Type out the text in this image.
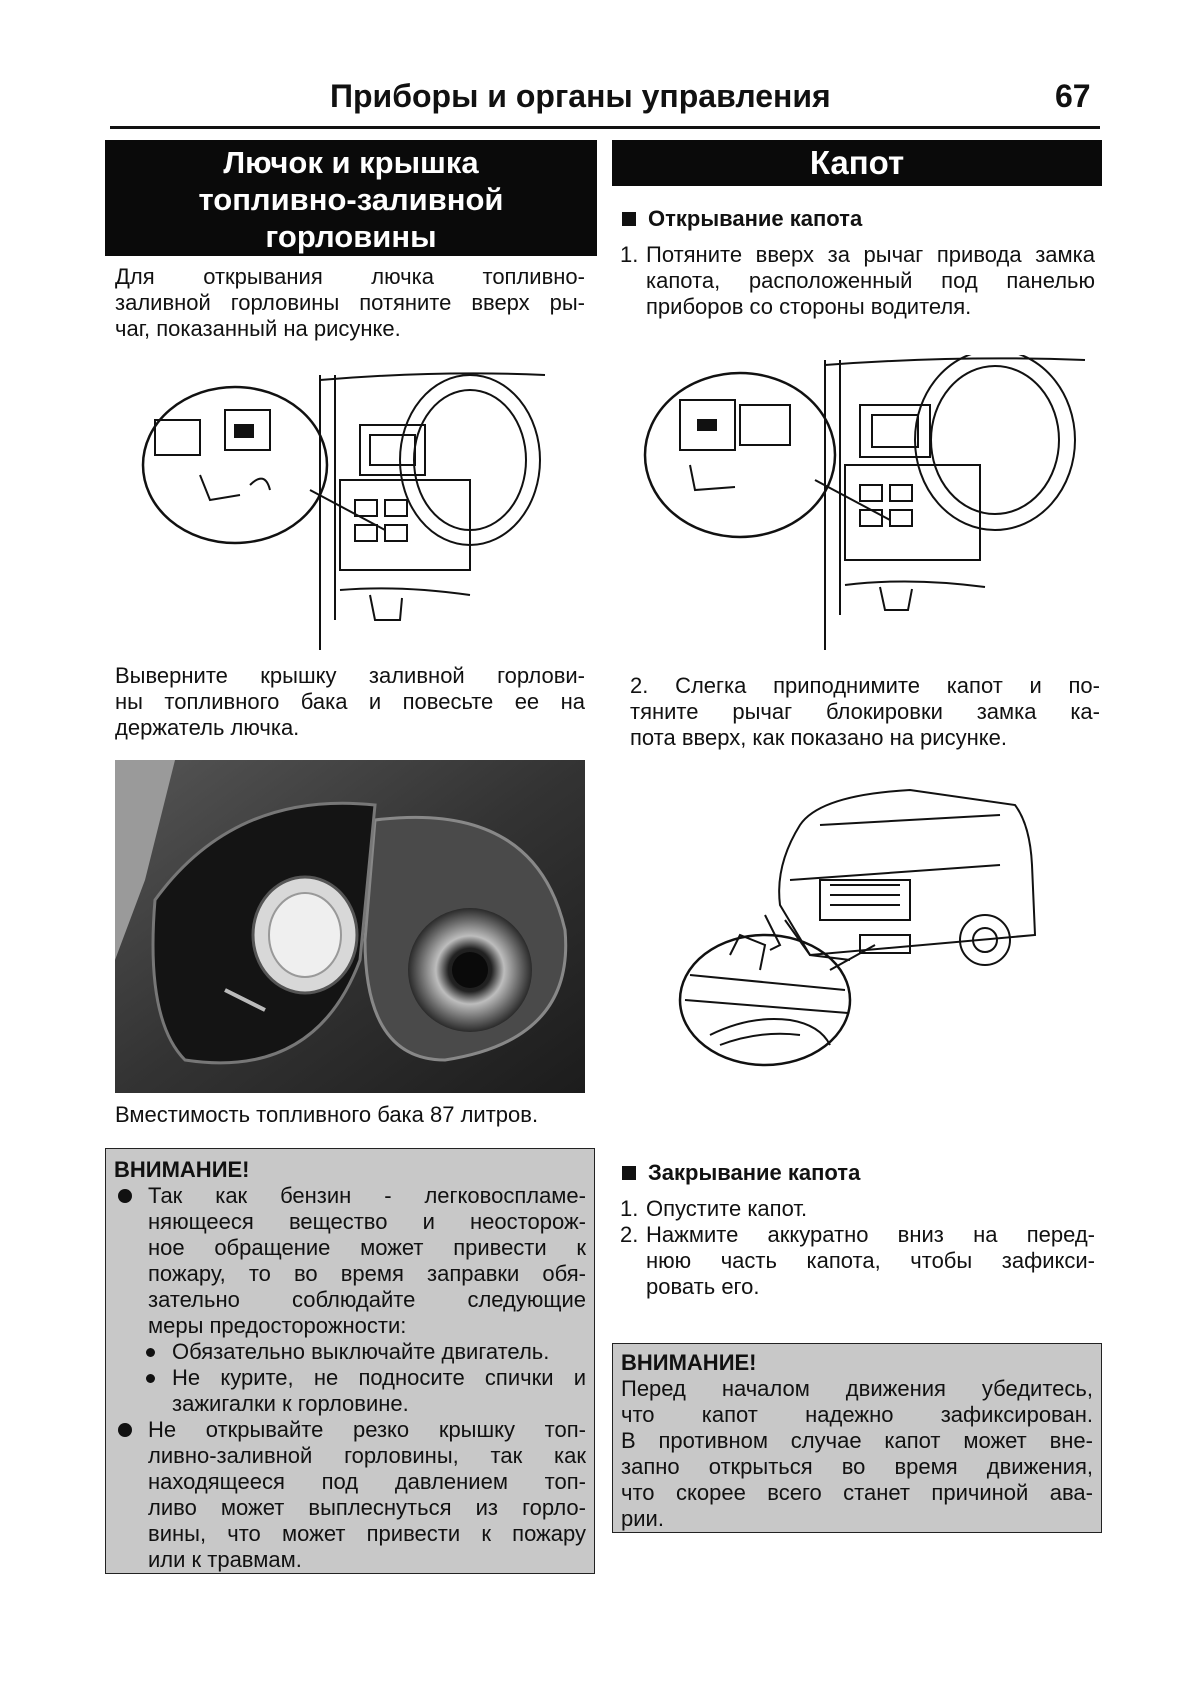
Приборы и органы управления	67
Лючок и крышка
топливно-заливной
горловины
Для открывания лючка топливно-
заливной горловины потяните вверх ры-
чаг, показанный на рисунке.
Выверните крышку заливной горлови-
ны топливного бака и повесьте ее на
держатель лючка.
Вместимость топливного бака 87 литров.
ВНИМАНИЕ!
Так как бензин - легковоспламе-
няющееся вещество и неосторож-
ное обращение может привести к
пожару, то во время заправки обя-
зательно соблюдайте следующие
меры предосторожности:
Обязательно выключайте двигатель.
Не курите, не подносите спички и
зажигалки к горловине.
Не открывайте резко крышку топ-
ливно-заливной горловины, так как
находящееся под давлением топ-
ливо может выплеснуться из горло-
вины, что может привести к пожару
или к травмам.
Капот
Открывание капота
1. Потяните вверх за рычаг привода замка
капота, расположенный под панелью
приборов со стороны водителя.
2. Слегка приподнимите капот и по-
тяните рычаг блокировки замка ка-
пота вверх, как показано на рисунке.
Закрывание капота
1. Опустите капот.
2. Нажмите аккуратно вниз на перед-
нюю часть капота, чтобы зафикси-
ровать его.
ВНИМАНИЕ!
Перед началом движения убедитесь,
что капот надежно зафиксирован.
В противном случае капот может вне-
запно открыться во время движения,
что скорее всего станет причиной ава-
рии.
